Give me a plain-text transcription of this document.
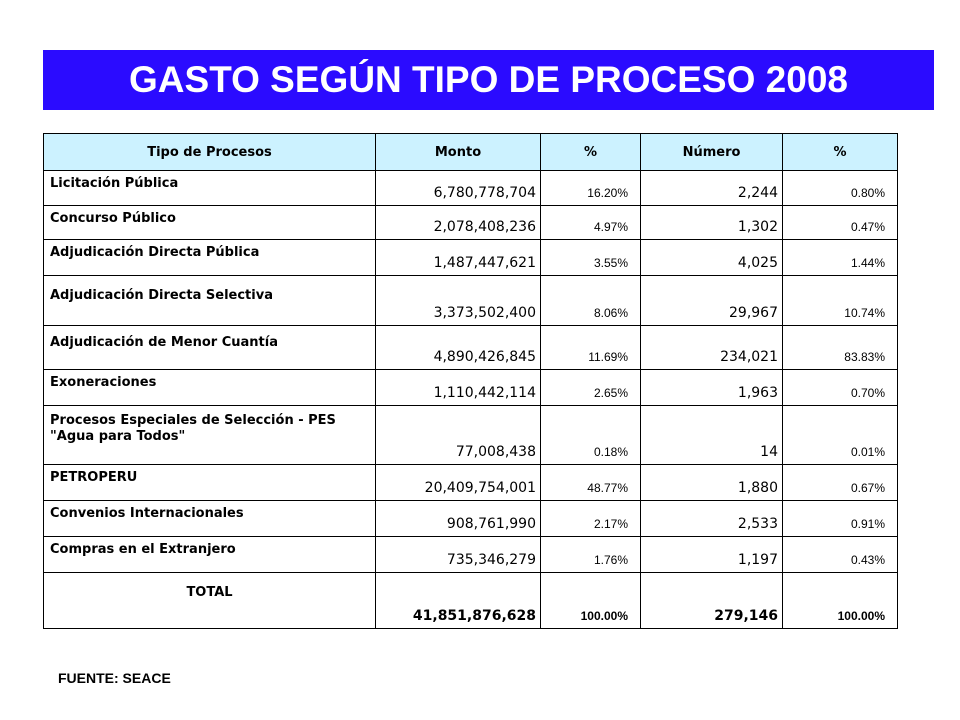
GASTO SEGÚN TIPO DE PROCESO 2008
Tipo de Procesos	Monto	%	Número	%
Licitación Pública	6,780,778,704	16.20%	2,244	0.80%
Concurso Público	2,078,408,236	4.97%	1,302	0.47%
Adjudicación Directa Pública	1,487,447,621	3.55%	4,025	1.44%
Adjudicación Directa Selectiva	3,373,502,400	8.06%	29,967	10.74%
Adjudicación de Menor Cuantía	4,890,426,845	11.69%	234,021	83.83%
Exoneraciones	1,110,442,114	2.65%	1,963	0.70%
Procesos Especiales de Selección - PES "Agua para Todos"	77,008,438	0.18%	14	0.01%
PETROPERU	20,409,754,001	48.77%	1,880	0.67%
Convenios Internacionales	908,761,990	2.17%	2,533	0.91%
Compras en el Extranjero	735,346,279	1.76%	1,197	0.43%
TOTAL	41,851,876,628	100.00%	279,146	100.00%
FUENTE: SEACE
